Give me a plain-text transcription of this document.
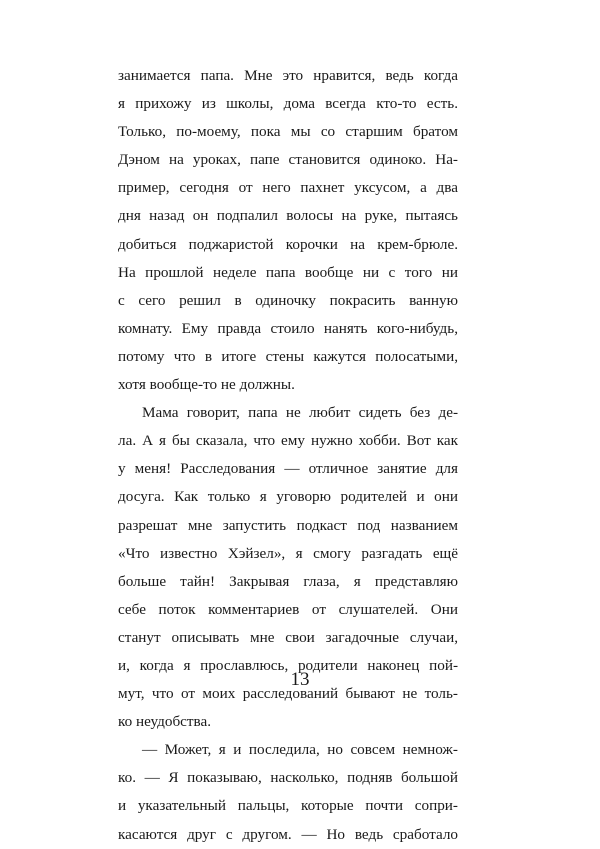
занимается папа. Мне это нравится, ведь когда
я прихожу из школы, дома всегда кто-то есть.
Только, по-моему, пока мы со старшим братом
Дэном на уроках, папе становится одиноко. На-
пример, сегодня от него пахнет уксусом, а два
дня назад он подпалил волосы на руке, пытаясь
добиться поджаристой корочки на крем-брюле.
На прошлой неделе папа вообще ни с того ни
с сего решил в одиночку покрасить ванную
комнату. Ему правда стоило нанять кого-нибудь,
потому что в итоге стены кажутся полосатыми,
хотя вообще-то не должны.
Мама говорит, папа не любит сидеть без де-
ла. А я бы сказала, что ему нужно хобби. Вот как
у меня! Расследования — отличное занятие для
досуга. Как только я уговорю родителей и они
разрешат мне запустить подкаст под названием
«Что известно Хэйзел», я смогу разгадать ещё
больше тайн! Закрывая глаза, я представляю
себе поток комментариев от слушателей. Они
станут описывать мне свои загадочные случаи,
и, когда я прославлюсь, родители наконец пой-
мут, что от моих расследований бывают не толь-
ко неудобства.
— Может, я и последила, но совсем немнож-
ко. — Я показываю, насколько, подняв большой
и указательный пальцы, которые почти сопри-
касаются друг с другом. — Но ведь сработало
13
